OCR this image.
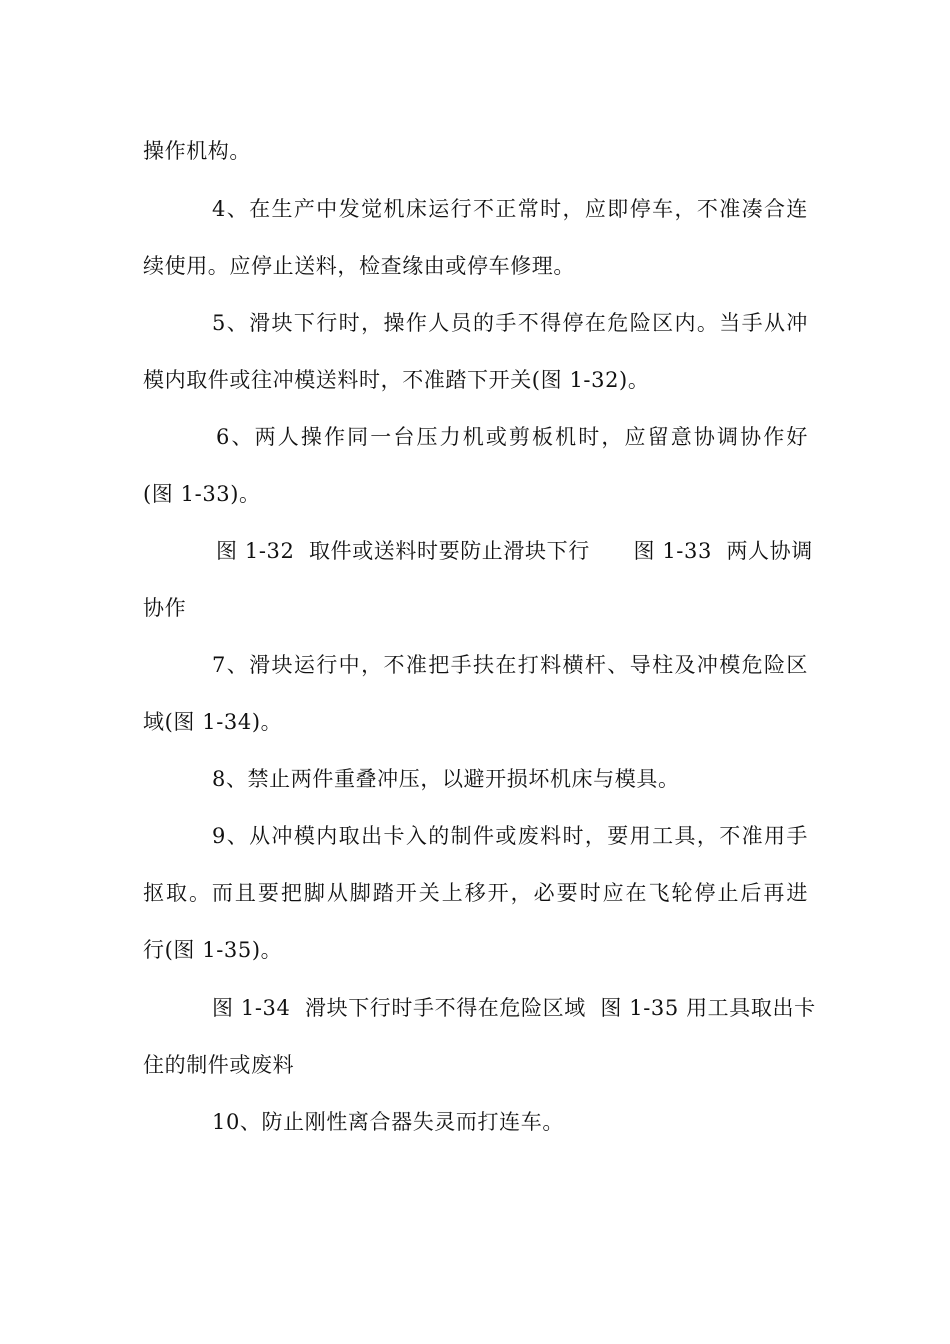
操作机构。
4、在生产中发觉机床运行不正常时，应即停车，不准凑合连
续使用。应停止送料，检查缘由或停车修理。
5、滑块下行时，操作人员的手不得停在危险区内。当手从冲
模内取件或往冲模送料时，不准踏下开关(图 1-32)。
6、两人操作同一台压力机或剪板机时，应留意协调协作好
(图 1-33)。
图 1-32  取件或送料时要防止滑块下行      图 1-33  两人协调
协作
7、滑块运行中，不准把手扶在打料横杆、导柱及冲模危险区
域(图 1-34)。
8、禁止两件重叠冲压，以避开损坏机床与模具。
9、从冲模内取出卡入的制件或废料时，要用工具，不准用手
抠取。而且要把脚从脚踏开关上移开，必要时应在飞轮停止后再进
行(图 1-35)。
图 1-34  滑块下行时手不得在危险区域  图 1-35 用工具取出卡
住的制件或废料
10、防止刚性离合器失灵而打连车。
